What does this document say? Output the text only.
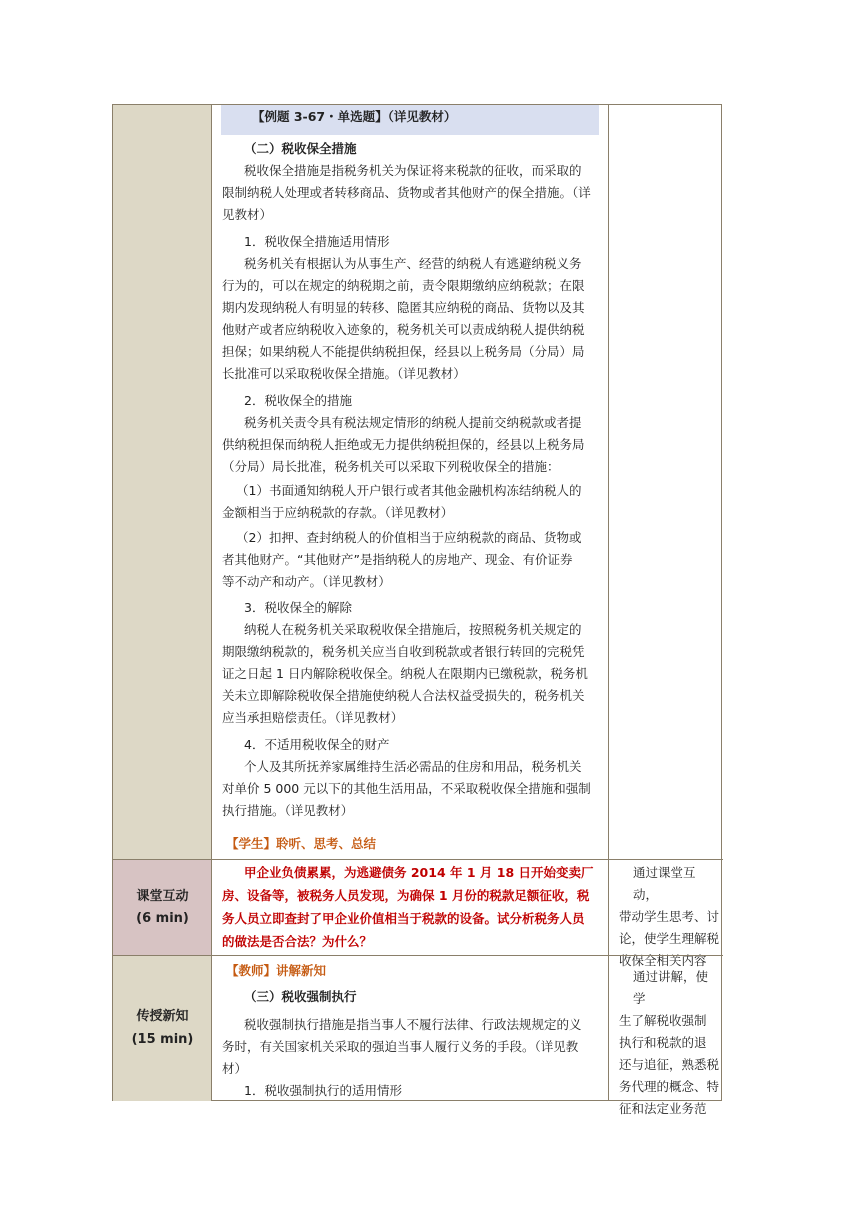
【例题 3-67・单选题】（详见教材）
（二）税收保全措施
税收保全措施是指税务机关为保证将来税款的征收，而采取的
限制纳税人处理或者转移商品、货物或者其他财产的保全措施。（详
见教材）
1．税收保全措施适用情形
税务机关有根据认为从事生产、经营的纳税人有逃避纳税义务
行为的，可以在规定的纳税期之前，责令限期缴纳应纳税款；在限
期内发现纳税人有明显的转移、隐匿其应纳税的商品、货物以及其
他财产或者应纳税收入迹象的，税务机关可以责成纳税人提供纳税
担保；如果纳税人不能提供纳税担保，经县以上税务局（分局）局
长批准可以采取税收保全措施。（详见教材）
2．税收保全的措施
税务机关责令具有税法规定情形的纳税人提前交纳税款或者提
供纳税担保而纳税人拒绝或无力提供纳税担保的，经县以上税务局
（分局）局长批准，税务机关可以采取下列税收保全的措施：
（1）书面通知纳税人开户银行或者其他金融机构冻结纳税人的
金额相当于应纳税款的存款。（详见教材）
（2）扣押、查封纳税人的价值相当于应纳税款的商品、货物或
者其他财产。“其他财产”是指纳税人的房地产、现金、有价证券
等不动产和动产。（详见教材）
3．税收保全的解除
纳税人在税务机关采取税收保全措施后，按照税务机关规定的
期限缴纳税款的，税务机关应当自收到税款或者银行转回的完税凭
证之日起 1 日内解除税收保全。纳税人在限期内已缴税款，税务机
关未立即解除税收保全措施使纳税人合法权益受损失的，税务机关
应当承担赔偿责任。（详见教材）
4．不适用税收保全的财产
个人及其所抚养家属维持生活必需品的住房和用品，税务机关
对单价 5 000 元以下的其他生活用品，不采取税收保全措施和强制
执行措施。（详见教材）
【学生】聆听、思考、总结
课堂互动
(6 min)
甲企业负债累累，为逃避债务 2014 年 1 月 18 日开始变卖厂
房、设备等，被税务人员发现，为确保 1 月份的税款足额征收，税
务人员立即查封了甲企业价值相当于税款的设备。试分析税务人员
的做法是否合法？为什么？
通过课堂互动，
带动学生思考、讨
论，使学生理解税
收保全相关内容
传授新知
(15 min)
【教师】讲解新知
（三）税收强制执行
税收强制执行措施是指当事人不履行法律、行政法规规定的义
务时，有关国家机关采取的强迫当事人履行义务的手段。（详见教
材）
1．税收强制执行的适用情形
通过讲解，使学
生了解税收强制
执行和税款的退
还与追征，熟悉税
务代理的概念、特
征和法定业务范
